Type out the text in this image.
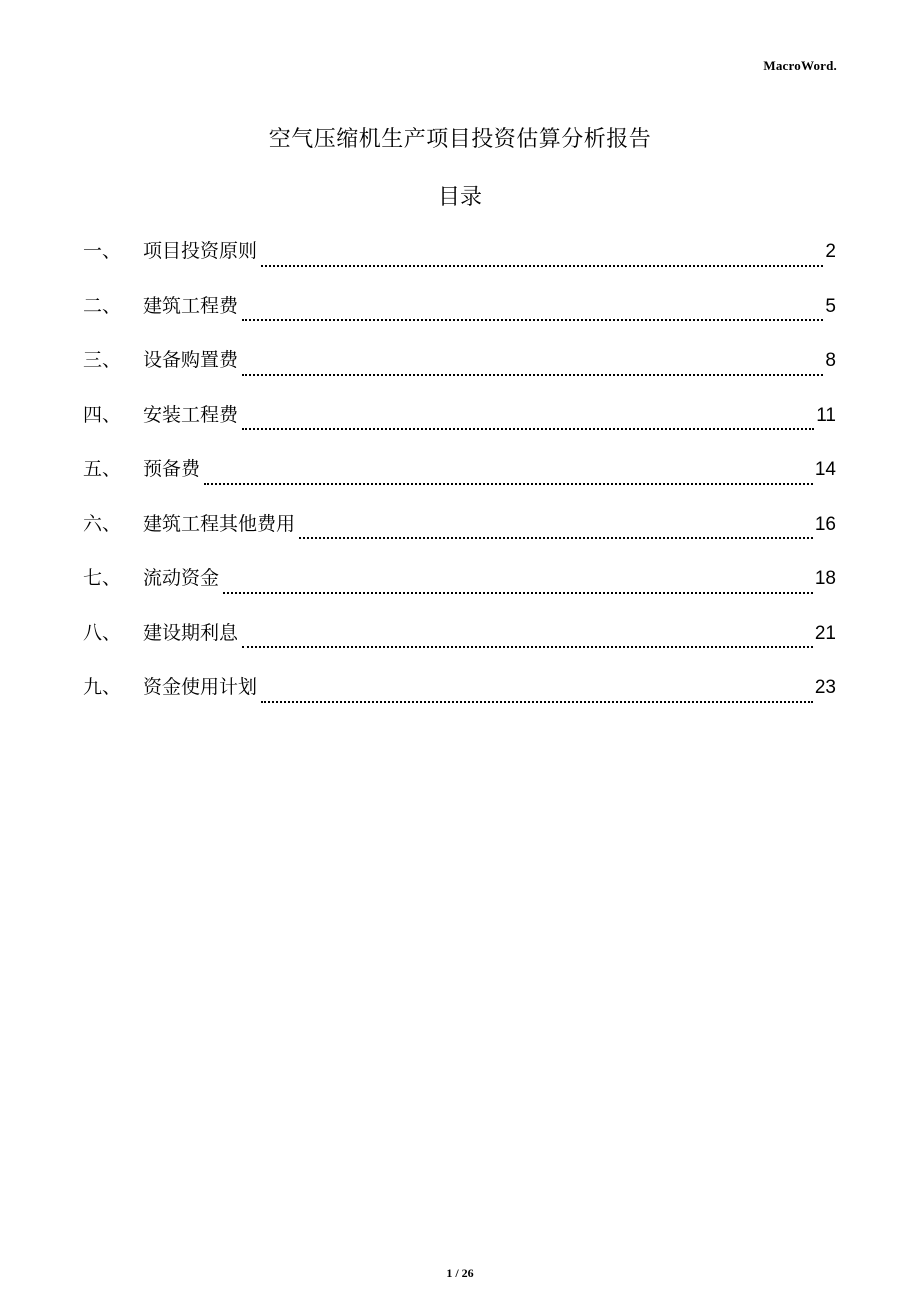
MacroWord.
空气压缩机生产项目投资估算分析报告
目录
一、	项目投资原则	2
二、	建筑工程费	5
三、	设备购置费	8
四、	安装工程费	11
五、	预备费	14
六、	建筑工程其他费用	16
七、	流动资金	18
八、	建设期利息	21
九、	资金使用计划	23
1 / 26
